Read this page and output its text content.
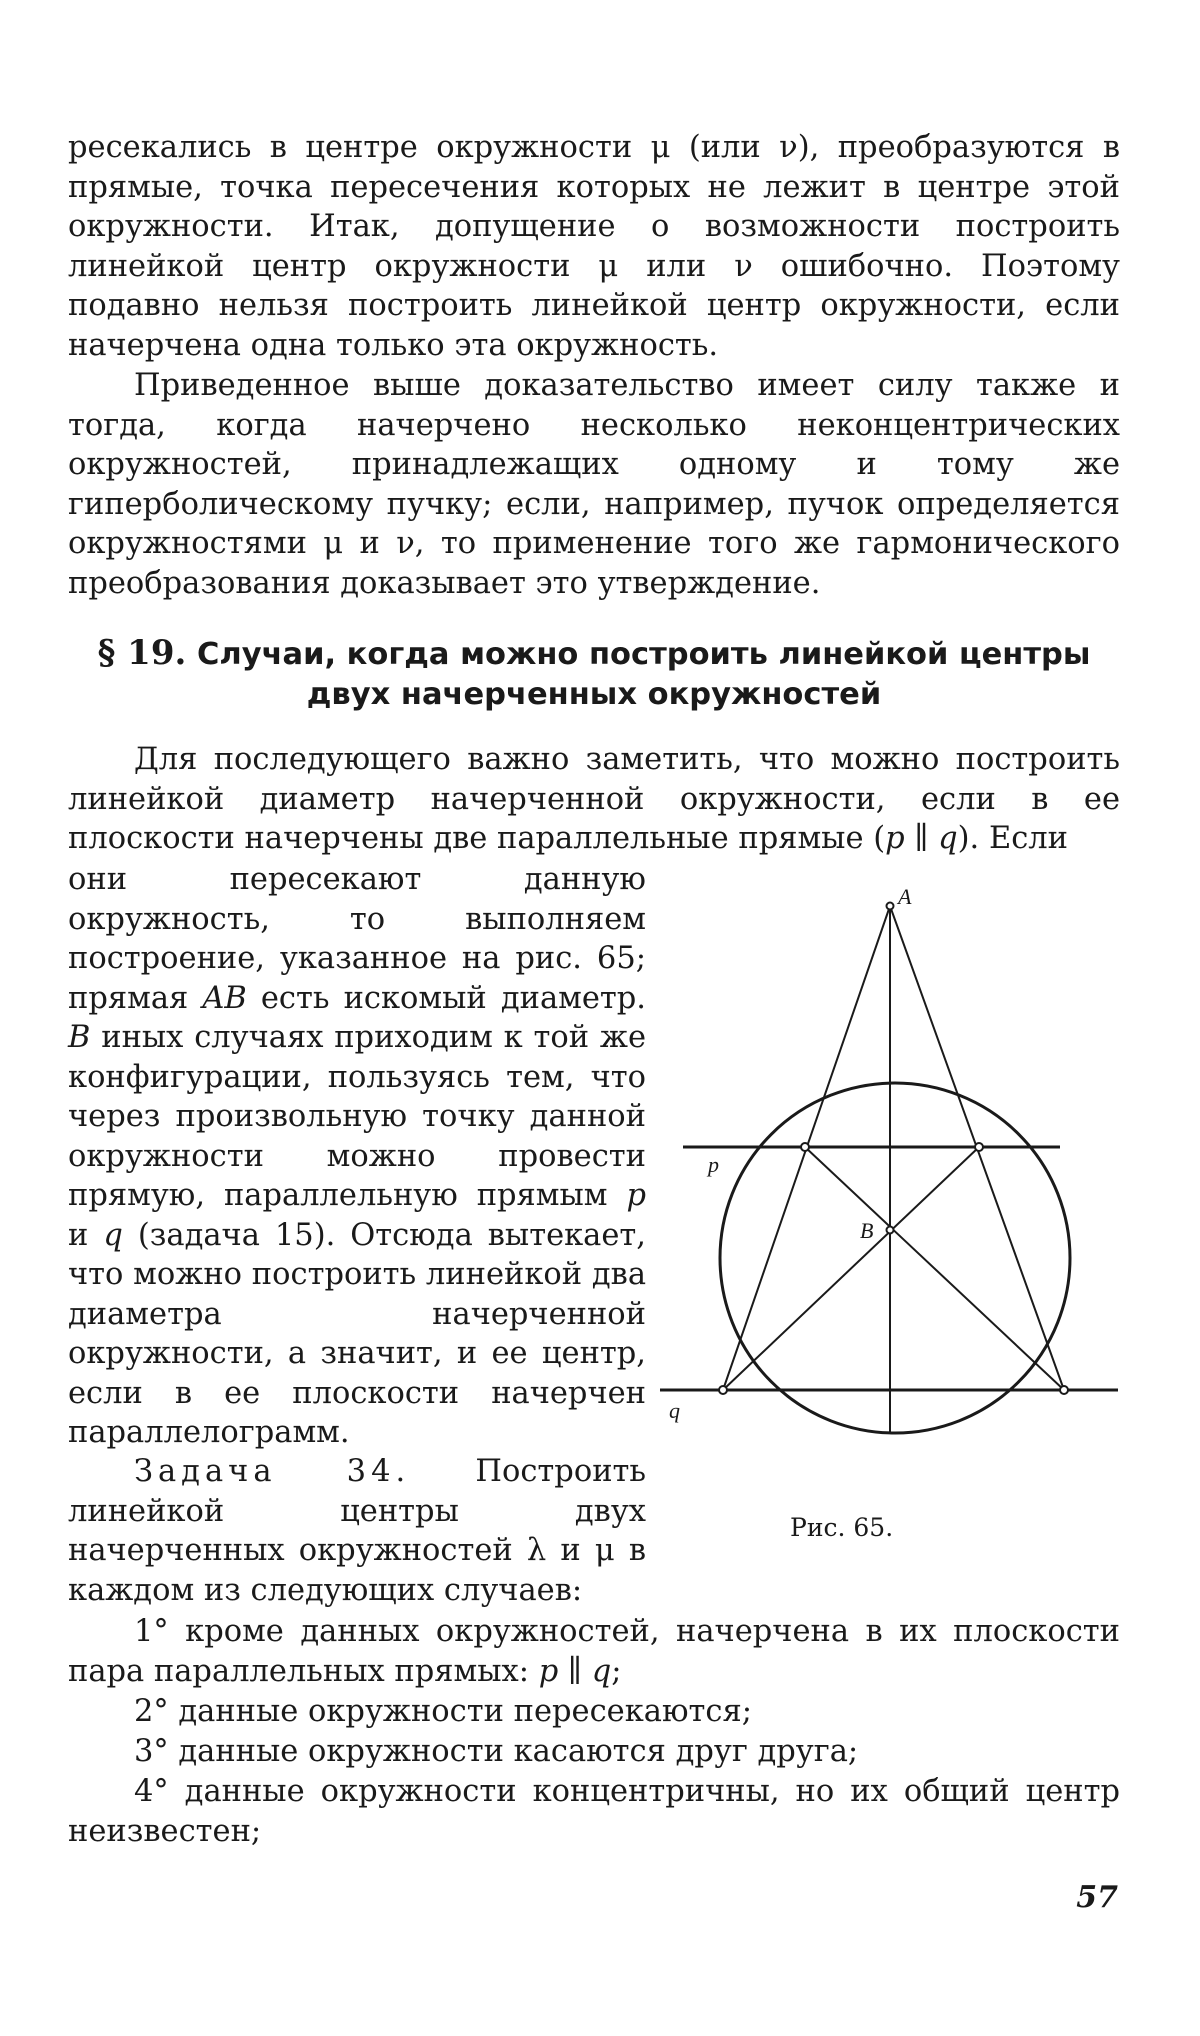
ресекались в центре окружности μ (или ν), преобразуются в прямые, точка пересечения которых не лежит в центре этой окружности. Итак, допущение о возможности построить линейкой центр окружности μ или ν ошибочно. Поэтому подавно нельзя построить линейкой центр окружности, если начерчена одна только эта окружность.

Приведенное выше доказательство имеет силу также и тогда, когда начерчено несколько неконцентрических окружностей, принадлежащих одному и тому же гиперболическому пучку; если, например, пучок определяется окружностями μ и ν, то применение того же гармонического преобразования доказывает это утверждение.

§ 19. Случаи, когда можно построить линейкой центры двух начерченных окружностей

Для последующего важно заметить, что можно построить линейкой диаметр начерченной окружности, если в ее плоскости начерчены две параллельные прямые (p ∥ q). Если

они пересекают данную окружность, то выполняем построение, указанное на рис. 65; прямая AB есть искомый диаметр. B иных случаях приходим к той же конфигурации, пользуясь тем, что через произвольную точку данной окружности можно провести прямую, параллельную прямым p и q (задача 15). Отсюда вытекает, что можно построить линейкой два диаметра начерченной окружности, а значит, и ее центр, если в ее плоскости начерчен параллелограмм.

Задача 34. Построить линейкой центры двух начерченных окружностей λ и μ в каждом из следующих случаев:

1° кроме данных окружностей, начерчена в их плоскости пара параллельных прямых: p ∥ q;

2° данные окружности пересекаются;

3° данные окружности касаются друг друга;

4° данные окружности концентричны, но их общий центр неизвестен;

A
B
p
q
Рис. 65.
57
